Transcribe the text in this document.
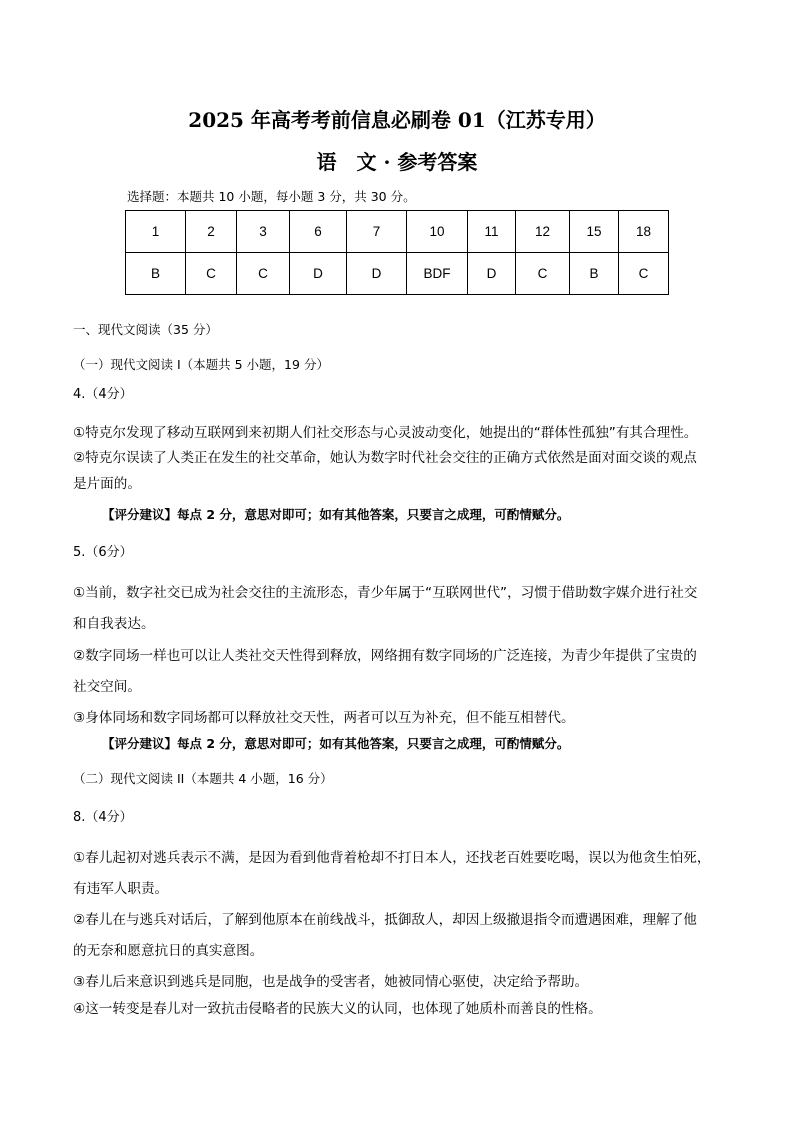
2025 年高考考前信息必刷卷 01（江苏专用）
语　文 · 参考答案
选择题：本题共 10 小题，每小题 3 分，共 30 分。
1	2	3	6	7	10	11	12	15	18
B	C	C	D	D	BDF	D	C	B	C
一、现代文阅读（35 分）
（一）现代文阅读 I（本题共 5 小题，19 分）
4.（4分）
①特克尔发现了移动互联网到来初期人们社交形态与心灵波动变化，她提出的“群体性孤独”有其合理性。
②特克尔误读了人类正在发生的社交革命，她认为数字时代社会交往的正确方式依然是面对面交谈的观点
是片面的。
【评分建议】每点 2 分，意思对即可；如有其他答案，只要言之成理，可酌情赋分。
5.（6分）
①当前，数字社交已成为社会交往的主流形态，青少年属于“互联网世代”，习惯于借助数字媒介进行社交
和自我表达。
②数字同场一样也可以让人类社交天性得到释放，网络拥有数字同场的广泛连接，为青少年提供了宝贵的
社交空间。
③身体同场和数字同场都可以释放社交天性，两者可以互为补充，但不能互相替代。
【评分建议】每点 2 分，意思对即可；如有其他答案，只要言之成理，可酌情赋分。
（二）现代文阅读 II（本题共 4 小题，16 分）
8.（4分）
①春儿起初对逃兵表示不满，是因为看到他背着枪却不打日本人，还找老百姓要吃喝，误以为他贪生怕死，
有违军人职责。
②春儿在与逃兵对话后，了解到他原本在前线战斗，抵御敌人，却因上级撤退指令而遭遇困难，理解了他
的无奈和愿意抗日的真实意图。
③春儿后来意识到逃兵是同胞，也是战争的受害者，她被同情心驱使，决定给予帮助。
④这一转变是春儿对一致抗击侵略者的民族大义的认同，也体现了她质朴而善良的性格。
